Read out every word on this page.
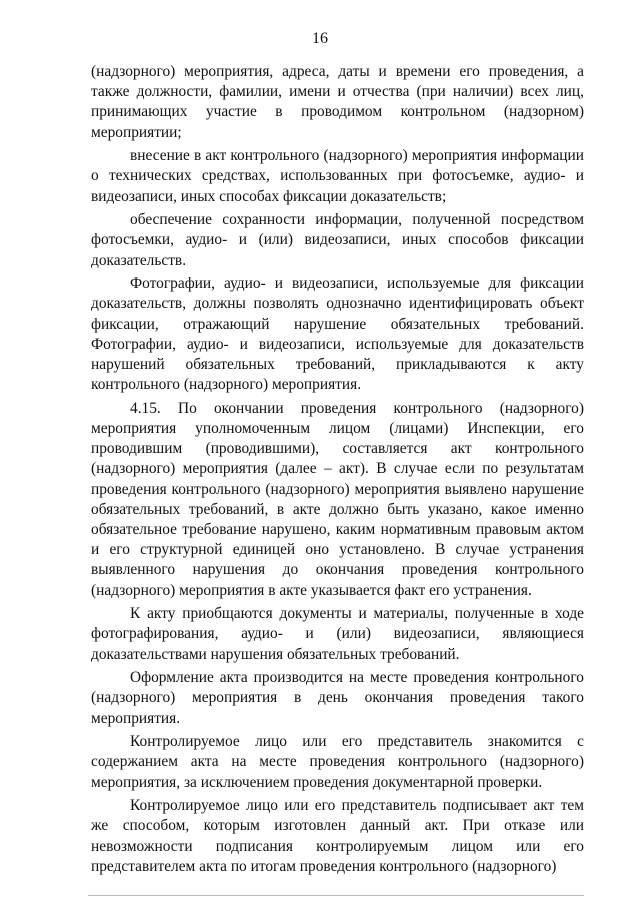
16

(надзорного) мероприятия, адреса, даты и времени его проведения, а также должности, фамилии, имени и отчества (при наличии) всех лиц, принимающих участие в проводимом контрольном (надзорном) мероприятии;

внесение в акт контрольного (надзорного) мероприятия информации о технических средствах, использованных при фотосъемке, аудио- и видеозаписи, иных способах фиксации доказательств;

обеспечение сохранности информации, полученной посредством фотосъемки, аудио- и (или) видеозаписи, иных способов фиксации доказательств.

Фотографии, аудио- и видеозаписи, используемые для фиксации доказательств, должны позволять однозначно идентифицировать объект фиксации, отражающий нарушение обязательных требований. Фотографии, аудио- и видеозаписи, используемые для доказательств нарушений обязательных требований, прикладываются к акту контрольного (надзорного) мероприятия.

4.15. По окончании проведения контрольного (надзорного) мероприятия уполномоченным лицом (лицами) Инспекции, его проводившим (проводившими), составляется акт контрольного (надзорного) мероприятия (далее – акт). В случае если по результатам проведения контрольного (надзорного) мероприятия выявлено нарушение обязательных требований, в акте должно быть указано, какое именно обязательное требование нарушено, каким нормативным правовым актом и его структурной единицей оно установлено. В случае устранения выявленного нарушения до окончания проведения контрольного (надзорного) мероприятия в акте указывается факт его устранения.

К акту приобщаются документы и материалы, полученные в ходе фотографирования, аудио- и (или) видеозаписи, являющиеся доказательствами нарушения обязательных требований.

Оформление акта производится на месте проведения контрольного (надзорного) мероприятия в день окончания проведения такого мероприятия.

Контролируемое лицо или его представитель знакомится с содержанием акта на месте проведения контрольного (надзорного) мероприятия, за исключением проведения документарной проверки.

Контролируемое лицо или его представитель подписывает акт тем же способом, которым изготовлен данный акт. При отказе или невозможности подписания контролируемым лицом или его представителем акта по итогам проведения контрольного (надзорного)
